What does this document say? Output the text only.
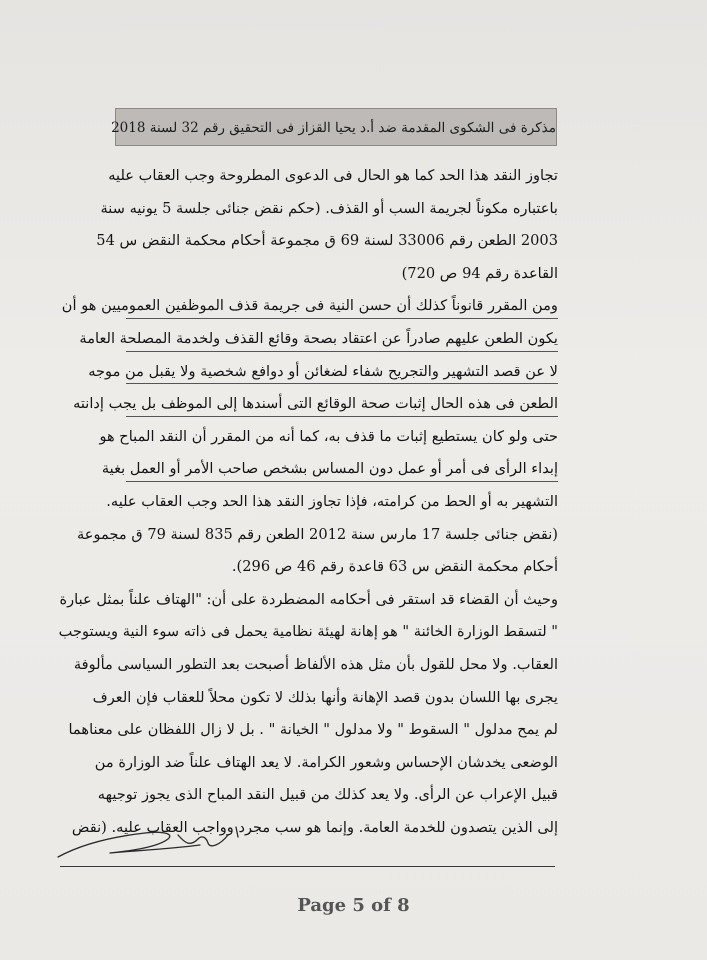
مذكرة فى الشكوى المقدمة ضد أ.د يحيا القزاز فى التحقيق رقم 32 لسنة 2018
تجاوز النقد هذا الحد كما هو الحال فى الدعوى المطروحة وجب العقاب عليه
باعتباره مكوناً لجريمة السب أو القذف. (حكم نقض جنائى جلسة 5 يونيه سنة
2003 الطعن رقم 33006 لسنة 69 ق مجموعة أحكام محكمة النقض س 54
القاعدة رقم 94 ص 720)
ومن المقرر قانوناً كذلك أن حسن النية فى جريمة قذف الموظفين العموميين هو أن
يكون الطعن عليهم صادراً عن اعتقاد بصحة وقائع القذف ولخدمة المصلحة العامة
لا عن قصد التشهير والتجريح شفاء لضغائن أو دوافع شخصية ولا يقبل من موجه
الطعن فى هذه الحال إثبات صحة الوقائع التى أسندها إلى الموظف بل يجب إدانته
حتى ولو كان يستطيع إثبات ما قذف به، كما أنه من المقرر أن النقد المباح هو
إبداء الرأى فى أمر أو عمل دون المساس بشخص صاحب الأمر أو العمل بغية
التشهير به أو الحط من كرامته، فإذا تجاوز النقد هذا الحد وجب العقاب عليه.
(نقض جنائى جلسة 17 مارس سنة 2012 الطعن رقم 835 لسنة 79 ق مجموعة
أحكام محكمة النقض س 63 قاعدة رقم 46 ص 296).
وحيث أن القضاء قد استقر فى أحكامه المضطردة على أن: "الهتاف علناً بمثل عبارة
" لتسقط الوزارة الخائنة " هو إهانة لهيئة نظامية يحمل فى ذاته سوء النية ويستوجب
العقاب. ولا محل للقول بأن مثل هذه الألفاظ أصبحت بعد التطور السياسى مألوفة
يجرى بها اللسان بدون قصد الإهانة وأنها بذلك لا تكون محلاً للعقاب فإن العرف
لم يمح مدلول " السقوط " ولا مدلول " الخيانة " . بل لا زال اللفظان على معناهما
الوضعى يخدشان الإحساس وشعور الكرامة. لا يعد الهتاف علناً ضد الوزارة من
قبيل الإعراب عن الرأى. ولا يعد كذلك من قبيل النقد المباح الذى يجوز توجيهه
إلى الذين يتصدون للخدمة العامة. وإنما هو سب مجرد وواجب العقاب عليه. (نقض
Page 5 of 8
